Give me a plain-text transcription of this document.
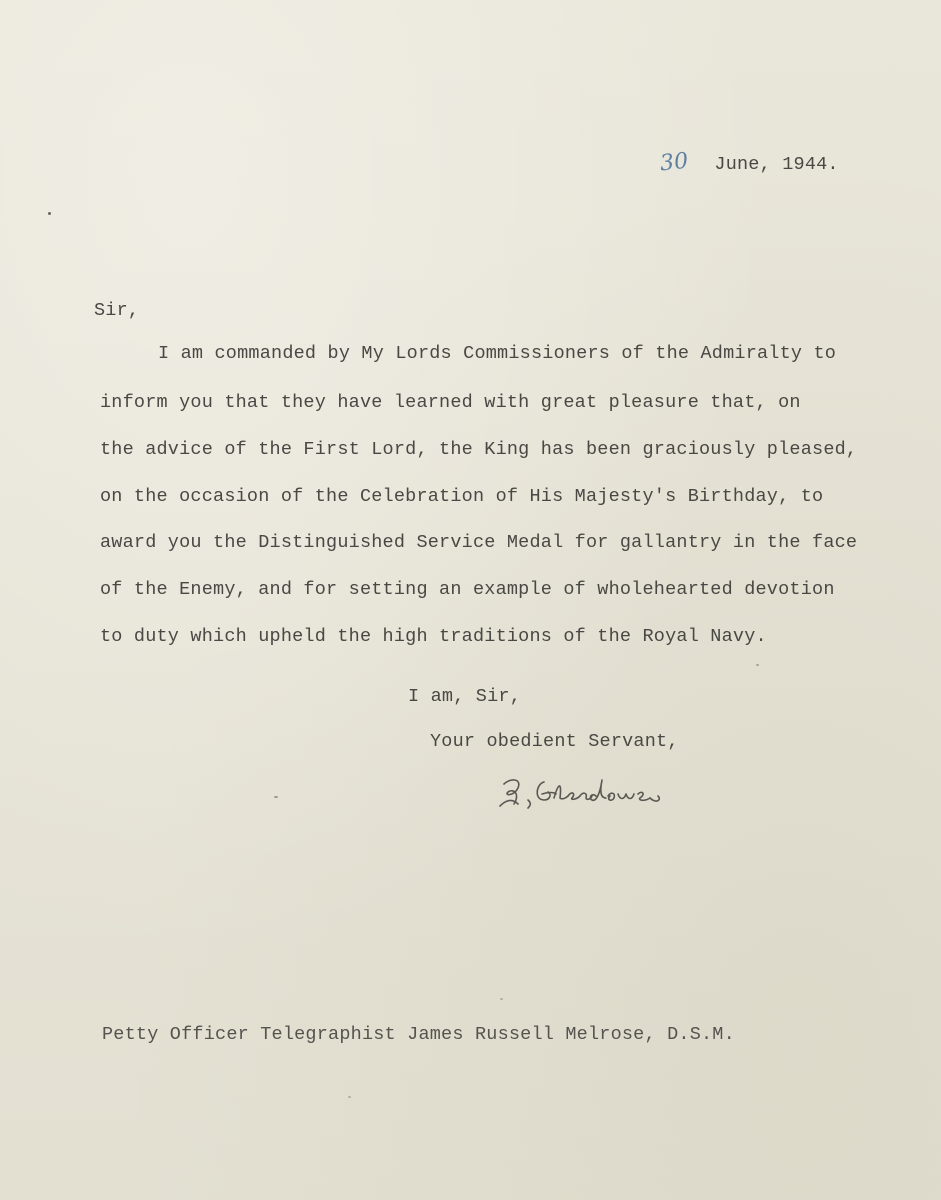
30 June, 1944.
Sir,
I am commanded by My Lords Commissioners of the Admiralty to
inform you that they have learned with great pleasure that, on
the advice of the First Lord, the King has been graciously pleased,
on the occasion of the Celebration of His Majesty's Birthday, to
award you the Distinguished Service Medal for gallantry in the face
of the Enemy, and for setting an example of wholehearted devotion
to duty which upheld the high traditions of the Royal Navy.
I am, Sir,
Your obedient Servant,
Petty Officer Telegraphist James Russell Melrose, D.S.M.
